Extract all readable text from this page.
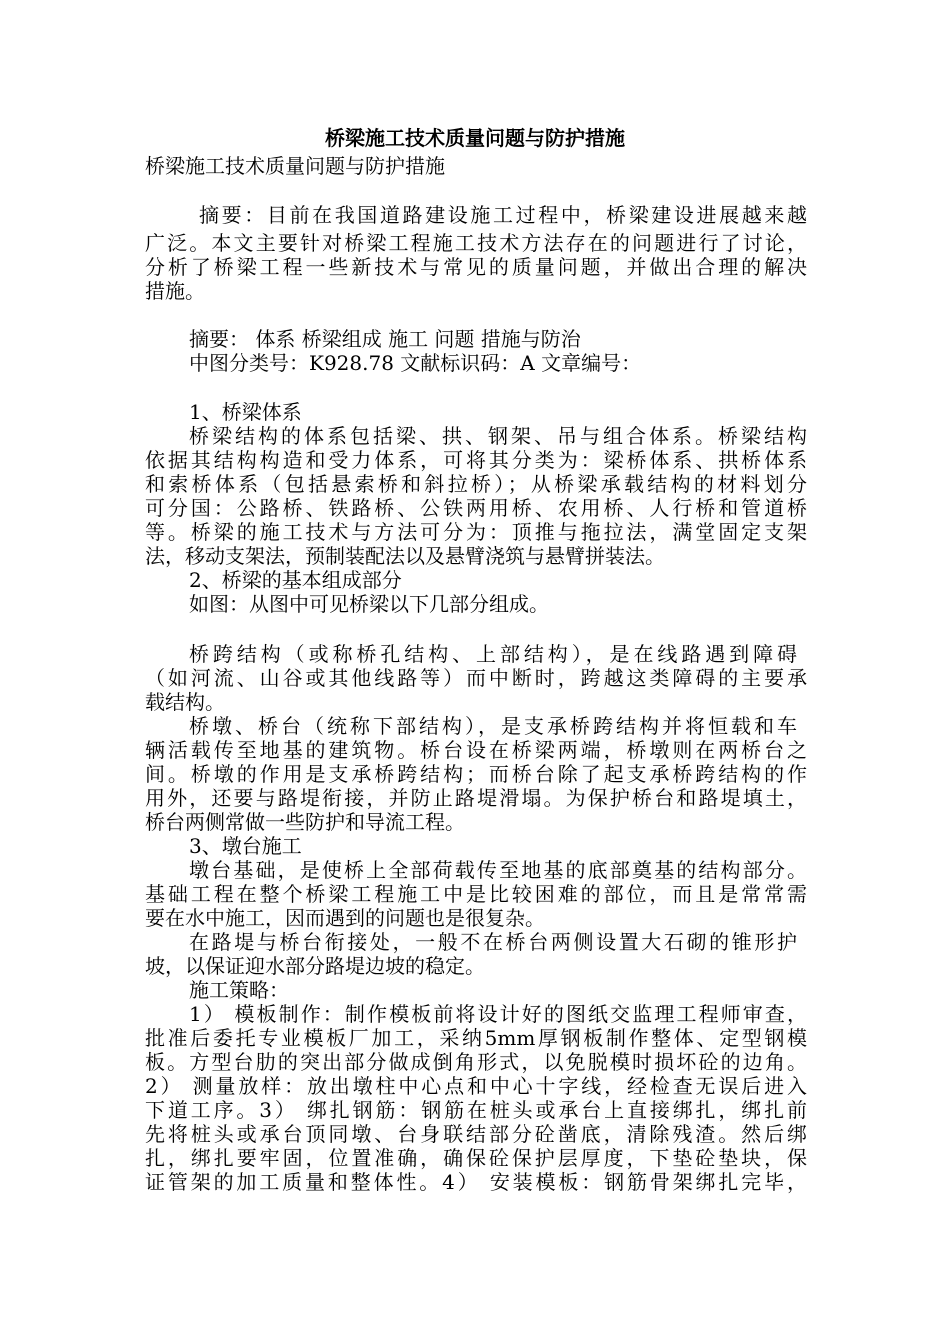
桥梁施工技术质量问题与防护措施
桥梁施工技术质量问题与防护措施
摘要：目前在我国道路建设施工过程中，桥梁建设进展越来越
广泛。本文主要针对桥梁工程施工技术方法存在的问题进行了讨论，
分析了桥梁工程一些新技术与常见的质量问题，并做出合理的解决
措施。
摘要： 体系 桥梁组成 施工 问题 措施与防治
中图分类号：K928.78 文献标识码：A 文章编号：
1、桥梁体系
桥梁结构的体系包括梁、拱、钢架、吊与组合体系。桥梁结构
依据其结构构造和受力体系，可将其分类为：梁桥体系、拱桥体系
和索桥体系（包括悬索桥和斜拉桥）；从桥梁承载结构的材料划分
可分国：公路桥、铁路桥、公铁两用桥、农用桥、人行桥和管道桥
等。桥梁的施工技术与方法可分为：顶推与拖拉法，满堂固定支架
法，移动支架法，预制装配法以及悬臂浇筑与悬臂拼装法。
2、桥梁的基本组成部分
如图：从图中可见桥梁以下几部分组成。
桥跨结构（或称桥孔结构、上部结构），是在线路遇到障碍
（如河流、山谷或其他线路等）而中断时，跨越这类障碍的主要承
载结构。
桥墩、桥台（统称下部结构），是支承桥跨结构并将恒载和车
辆活载传至地基的建筑物。桥台设在桥梁两端，桥墩则在两桥台之
间。桥墩的作用是支承桥跨结构；而桥台除了起支承桥跨结构的作
用外，还要与路堤衔接，并防止路堤滑塌。为保护桥台和路堤填土，
桥台两侧常做一些防护和导流工程。
3、墩台施工
墩台基础，是使桥上全部荷载传至地基的底部奠基的结构部分。
基础工程在整个桥梁工程施工中是比较困难的部位，而且是常常需
要在水中施工，因而遇到的问题也是很复杂。
在路堤与桥台衔接处，一般不在桥台两侧设置大石砌的锥形护
坡，以保证迎水部分路堤边坡的稳定。
施工策略：
1） 模板制作：制作模板前将设计好的图纸交监理工程师审查，
批准后委托专业模板厂加工，采纳5mm厚钢板制作整体、定型钢模
板。方型台肋的突出部分做成倒角形式，以免脱模时损坏砼的边角。
2） 测量放样：放出墩柱中心点和中心十字线，经检查无误后进入
下道工序。3） 绑扎钢筋：钢筋在桩头或承台上直接绑扎，绑扎前
先将桩头或承台顶同墩、台身联结部分砼凿底，清除残渣。然后绑
扎，绑扎要牢固，位置准确，确保砼保护层厚度，下垫砼垫块，保
证管架的加工质量和整体性。4） 安装模板：钢筋骨架绑扎完毕，
